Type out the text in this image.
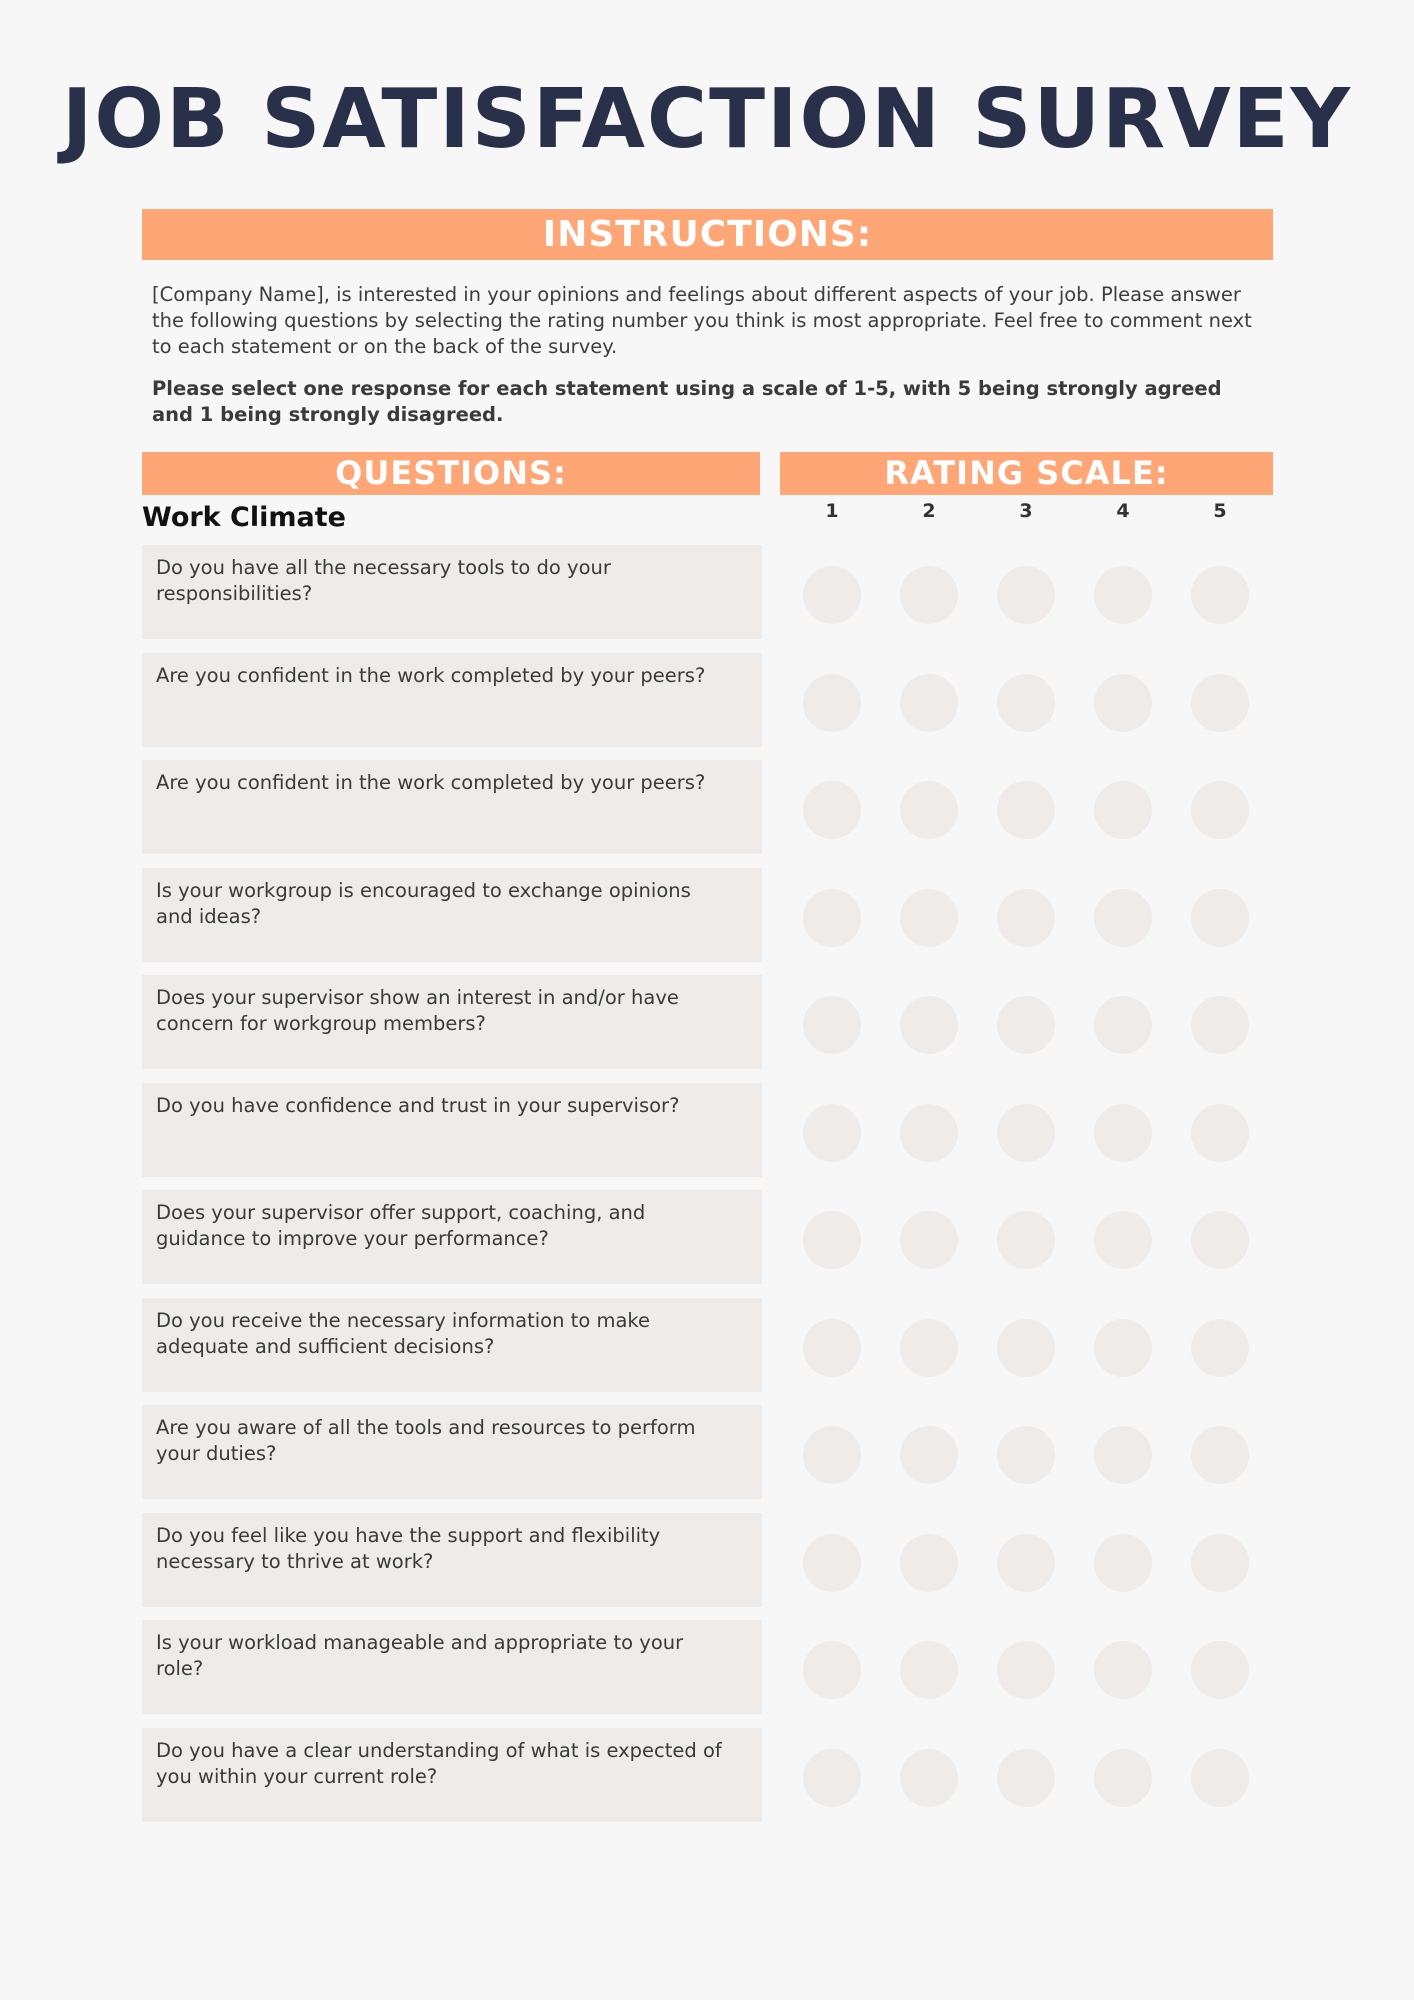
JOB SATISFACTION SURVEY
INSTRUCTIONS:

[Company Name], is interested in your opinions and feelings about different aspects of your job. Please answer the following questions by selecting the rating number you think is most appropriate. Feel free to comment next to each statement or on the back of the survey.

Please select one response for each statement using a scale of 1-5, with 5 being strongly agreed and 1 being strongly disagreed.

QUESTIONS:	RATING SCALE:
Work Climate	1	2	3	4	5
Do you have all the necessary tools to do your responsibilities?
Are you confident in the work completed by your peers?
Are you confident in the work completed by your peers?
Is your workgroup is encouraged to exchange opinions and ideas?
Does your supervisor show an interest in and/or have concern for workgroup members?
Do you have confidence and trust in your supervisor?
Does your supervisor offer support, coaching, and guidance to improve your performance?
Do you receive the necessary information to make adequate and sufficient decisions?
Are you aware of all the tools and resources to perform your duties?
Do you feel like you have the support and flexibility necessary to thrive at work?
Is your workload manageable and appropriate to your role?
Do you have a clear understanding of what is expected of you within your current role?
